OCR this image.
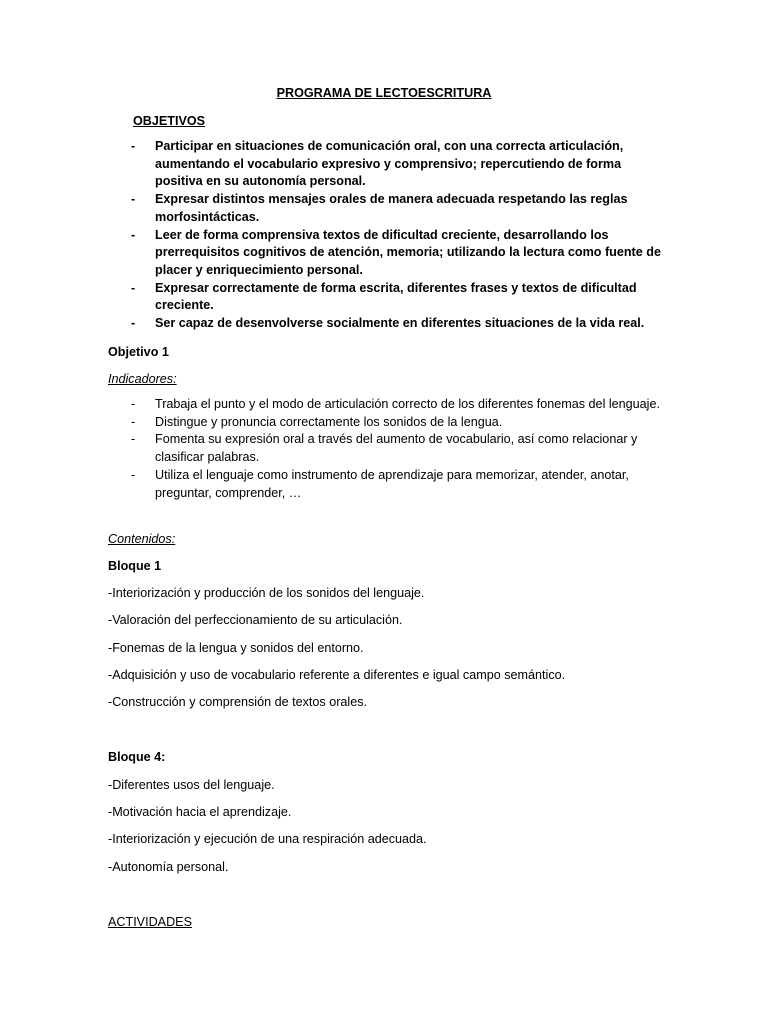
PROGRAMA DE LECTOESCRITURA
OBJETIVOS
- Participar en situaciones de comunicación oral, con una correcta articulación, aumentando el vocabulario expresivo y comprensivo; repercutiendo de forma positiva en su autonomía personal.
- Expresar distintos mensajes orales de manera adecuada respetando las reglas morfosintácticas.
- Leer de forma comprensiva textos de dificultad creciente, desarrollando los prerrequisitos cognitivos de atención, memoria; utilizando la lectura como fuente de placer y enriquecimiento personal.
- Expresar correctamente de forma escrita, diferentes frases y textos de dificultad creciente.
- Ser capaz de desenvolverse socialmente en diferentes situaciones de la vida real.
Objetivo 1
Indicadores:
- Trabaja el punto y el modo de articulación correcto de los diferentes fonemas del lenguaje.
- Distingue y pronuncia correctamente los sonidos de la lengua.
- Fomenta su expresión oral a través del aumento de vocabulario, así como relacionar y clasificar palabras.
- Utiliza el lenguaje como instrumento de aprendizaje para memorizar, atender, anotar, preguntar, comprender, …
Contenidos:
Bloque 1
-Interiorización y producción de los sonidos del lenguaje.
-Valoración del perfeccionamiento de su articulación.
-Fonemas de la lengua y sonidos del entorno.
-Adquisición y uso de vocabulario referente a diferentes e igual campo semántico.
-Construcción y comprensión de textos orales.
Bloque 4:
-Diferentes usos del lenguaje.
-Motivación hacia el aprendizaje.
-Interiorización y ejecución de una respiración adecuada.
-Autonomía personal.
ACTIVIDADES
